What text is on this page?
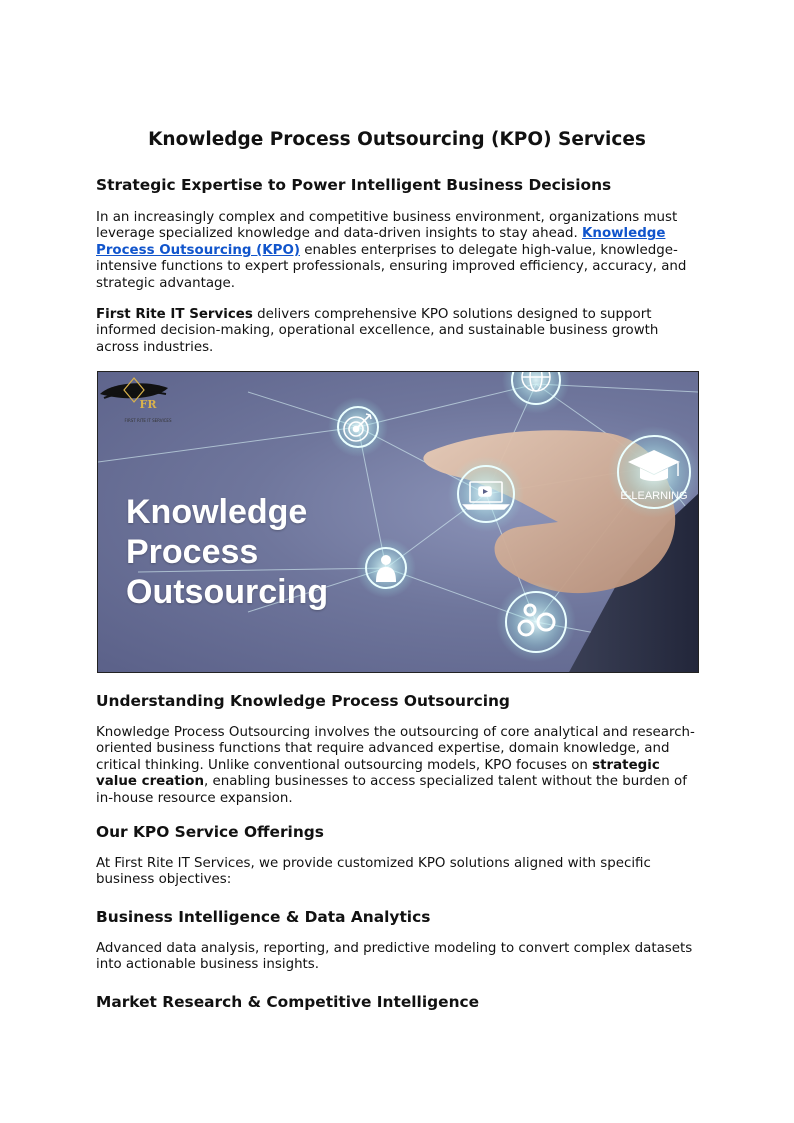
Knowledge Process Outsourcing (KPO) Services
Strategic Expertise to Power Intelligent Business Decisions

In an increasingly complex and competitive business environment, organizations must leverage specialized knowledge and data-driven insights to stay ahead. Knowledge Process Outsourcing (KPO) enables enterprises to delegate high-value, knowledge-intensive functions to expert professionals, ensuring improved efficiency, accuracy, and strategic advantage.

First Rite IT Services delivers comprehensive KPO solutions designed to support informed decision-making, operational excellence, and sustainable business growth across industries.

Knowledge
Process
Outsourcing
FR
FIRST RITE IT SERVICES
E-LEARNING
Understanding Knowledge Process Outsourcing

Knowledge Process Outsourcing involves the outsourcing of core analytical and research-oriented business functions that require advanced expertise, domain knowledge, and critical thinking. Unlike conventional outsourcing models, KPO focuses on strategic value creation, enabling businesses to access specialized talent without the burden of in-house resource expansion.

Our KPO Service Offerings

At First Rite IT Services, we provide customized KPO solutions aligned with specific business objectives:

Business Intelligence & Data Analytics

Advanced data analysis, reporting, and predictive modeling to convert complex datasets into actionable business insights.

Market Research & Competitive Intelligence
